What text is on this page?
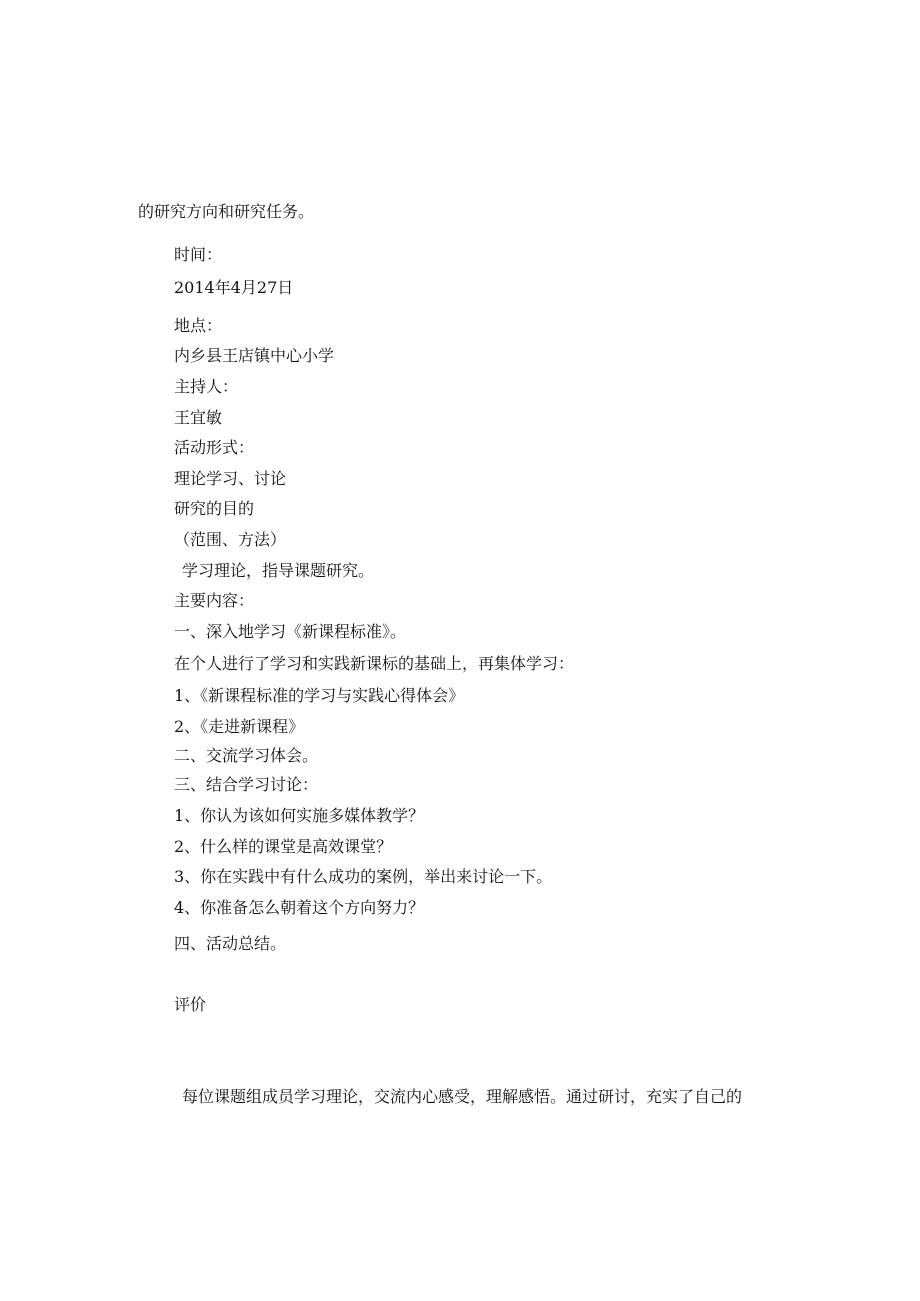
的研究方向和研究任务。
时间：
2014年4月27日
地点：
内乡县王店镇中心小学
主持人：
王宜敏
活动形式：
理论学习、讨论
研究的目的
（范围、方法）
学习理论，指导课题研究。
主要内容：
一、深入地学习《新课程标准》。
在个人进行了学习和实践新课标的基础上，再集体学习：
1、《新课程标准的学习与实践心得体会》
2、《走进新课程》
二、交流学习体会。
三、结合学习讨论：
1、你认为该如何实施多媒体教学？
2、什么样的课堂是高效课堂？
3、你在实践中有什么成功的案例，举出来讨论一下。
4、你准备怎么朝着这个方向努力？
四、活动总结。
评价
每位课题组成员学习理论，交流内心感受，理解感悟。通过研讨，充实了自己的
